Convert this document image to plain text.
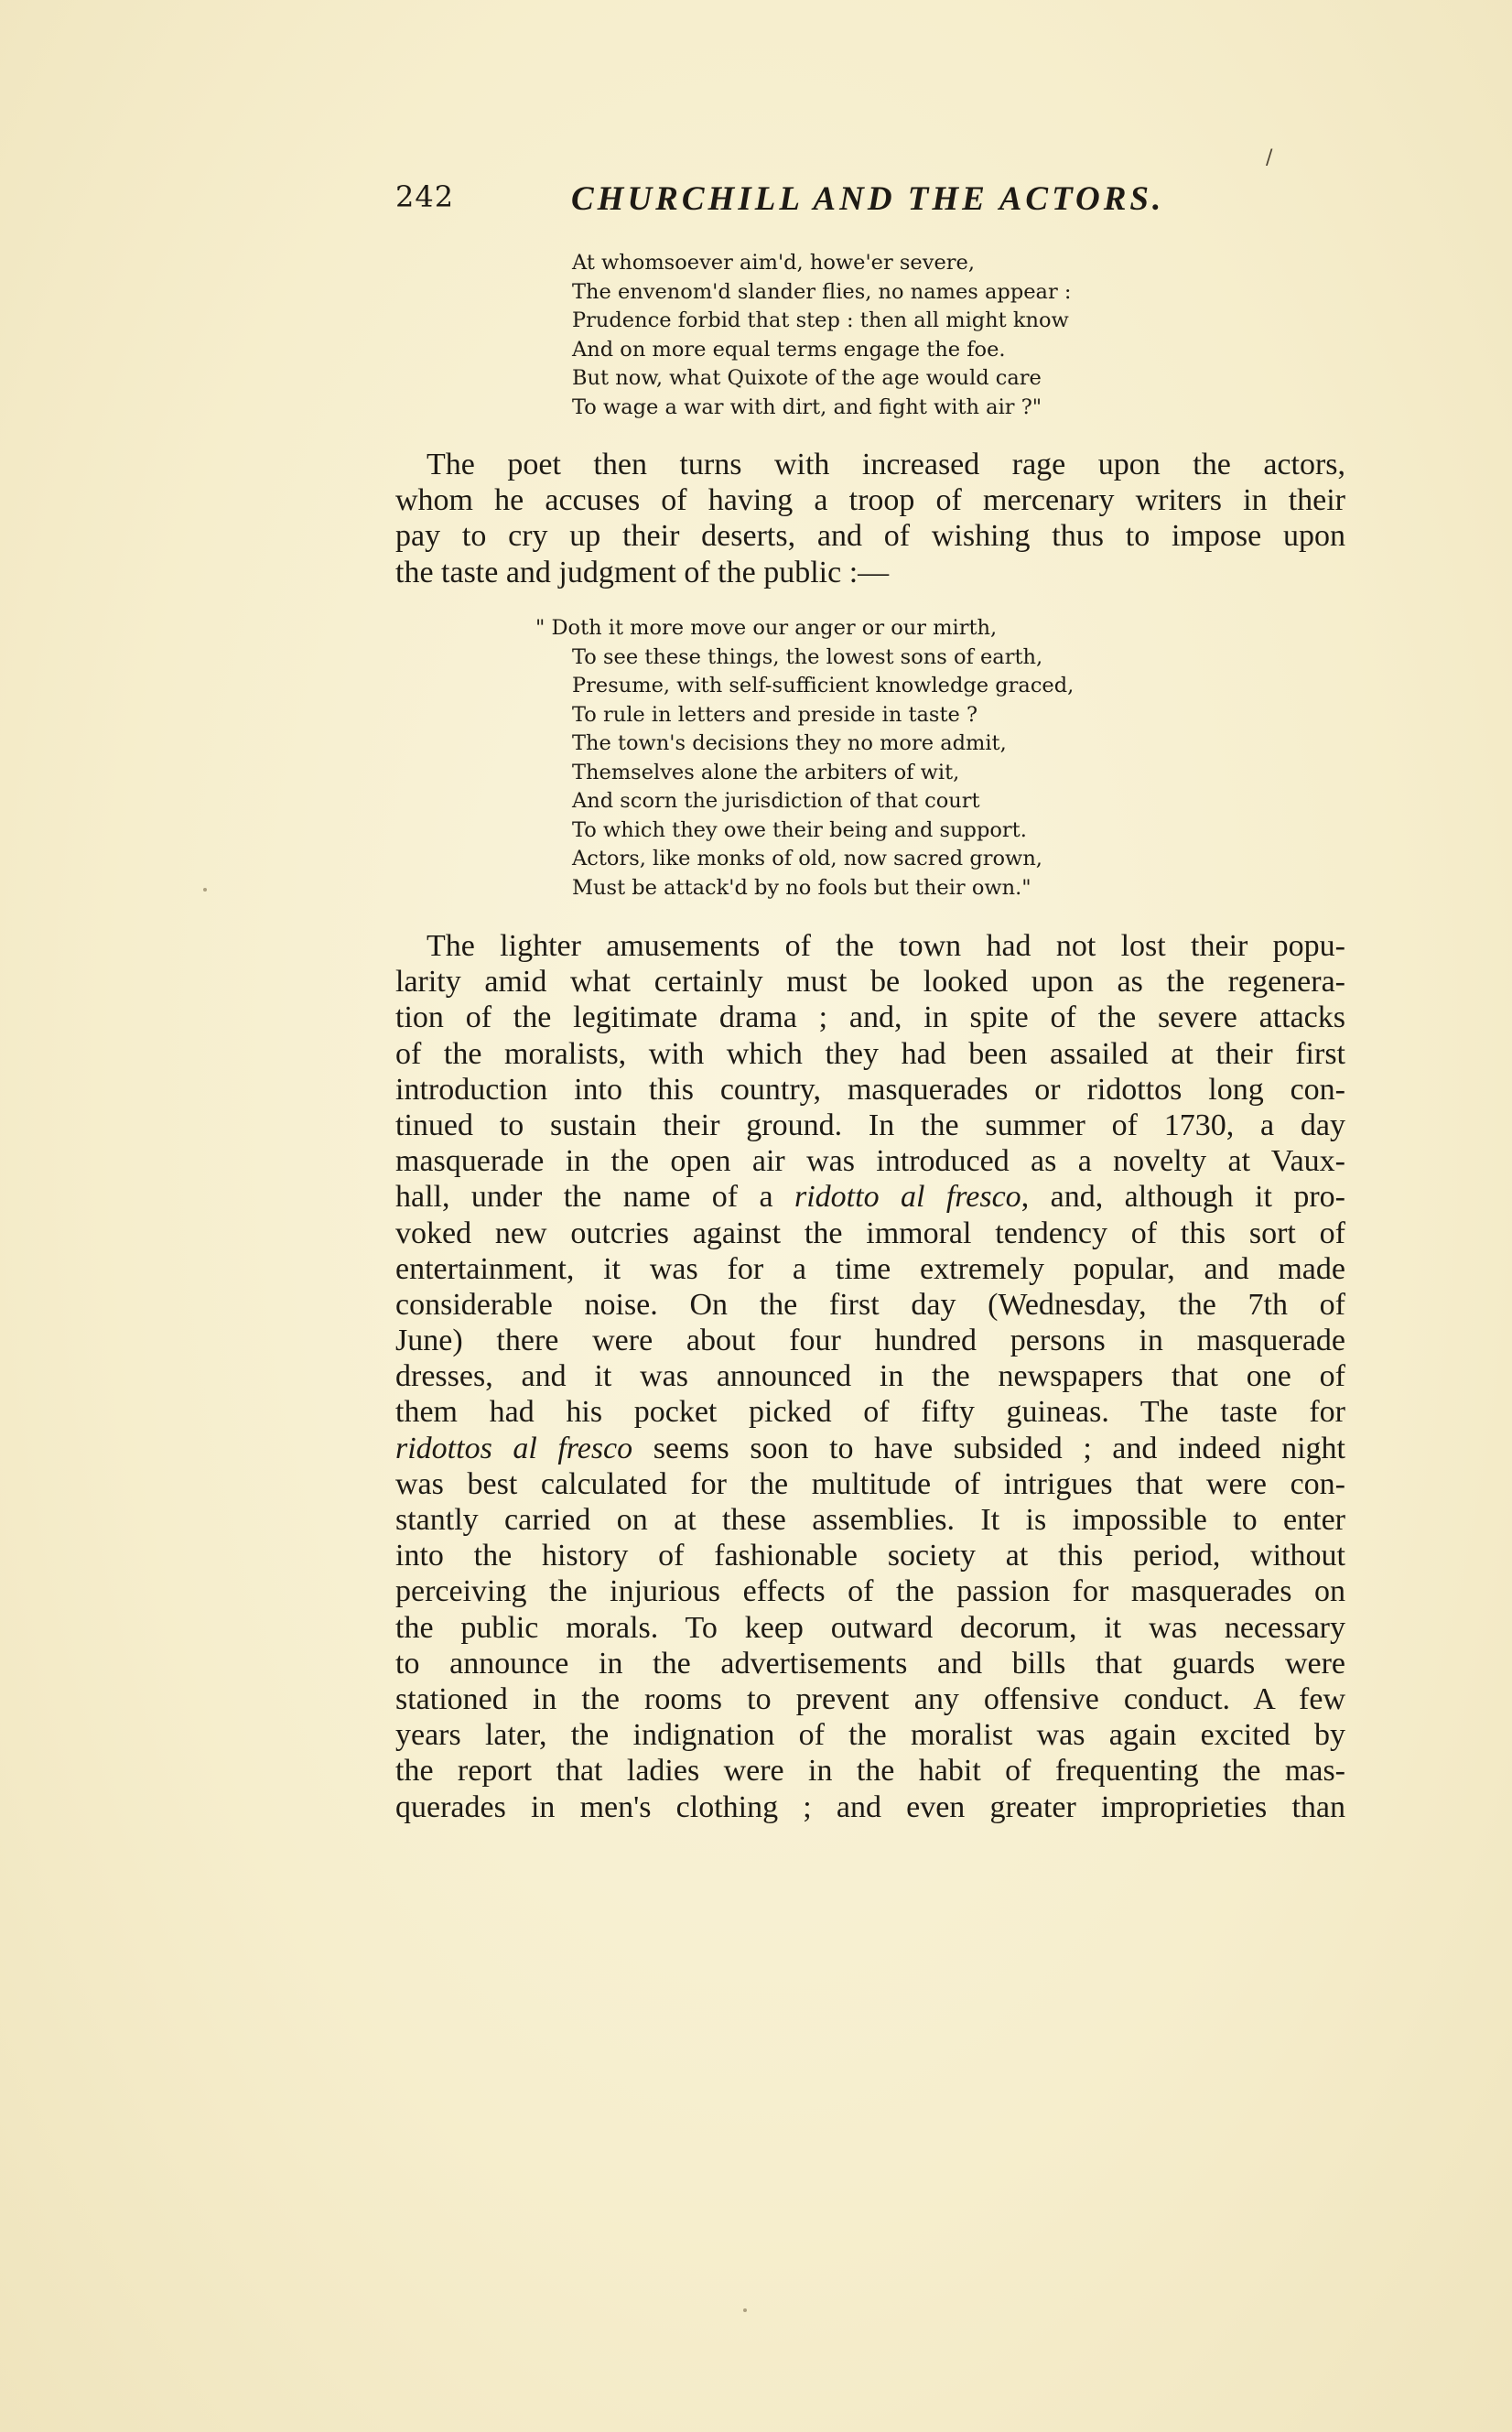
/
242	CHURCHILL AND THE ACTORS.
At whomsoever aim'd, howe'er severe,
The envenom'd slander flies, no names appear :
Prudence forbid that step : then all might know
And on more equal terms engage the foe.
But now, what Quixote of the age would care
To wage a war with dirt, and fight with air ?"
The poet then turns with increased rage upon the actors,
whom he accuses of having a troop of mercenary writers in their
pay to cry up their deserts, and of wishing thus to impose upon
the taste and judgment of the public :—
" Doth it more move our anger or our mirth,
To see these things, the lowest sons of earth,
Presume, with self-sufficient knowledge graced,
To rule in letters and preside in taste ?
The town's decisions they no more admit,
Themselves alone the arbiters of wit,
And scorn the jurisdiction of that court
To which they owe their being and support.
Actors, like monks of old, now sacred grown,
Must be attack'd by no fools but their own."
The lighter amusements of the town had not lost their popu-
larity amid what certainly must be looked upon as the regenera-
tion of the legitimate drama ; and, in spite of the severe attacks
of the moralists, with which they had been assailed at their first
introduction into this country, masquerades or ridottos long con-
tinued to sustain their ground. In the summer of 1730, a day
masquerade in the open air was introduced as a novelty at Vaux-
hall, under the name of a ridotto al fresco, and, although it pro-
voked new outcries against the immoral tendency of this sort of
entertainment, it was for a time extremely popular, and made
considerable noise. On the first day (Wednesday, the 7th of
June) there were about four hundred persons in masquerade
dresses, and it was announced in the newspapers that one of
them had his pocket picked of fifty guineas. The taste for
ridottos al fresco seems soon to have subsided ; and indeed night
was best calculated for the multitude of intrigues that were con-
stantly carried on at these assemblies. It is impossible to enter
into the history of fashionable society at this period, without
perceiving the injurious effects of the passion for masquerades on
the public morals. To keep outward decorum, it was necessary
to announce in the advertisements and bills that guards were
stationed in the rooms to prevent any offensive conduct. A few
years later, the indignation of the moralist was again excited by
the report that ladies were in the habit of frequenting the mas-
querades in men's clothing ; and even greater improprieties than
